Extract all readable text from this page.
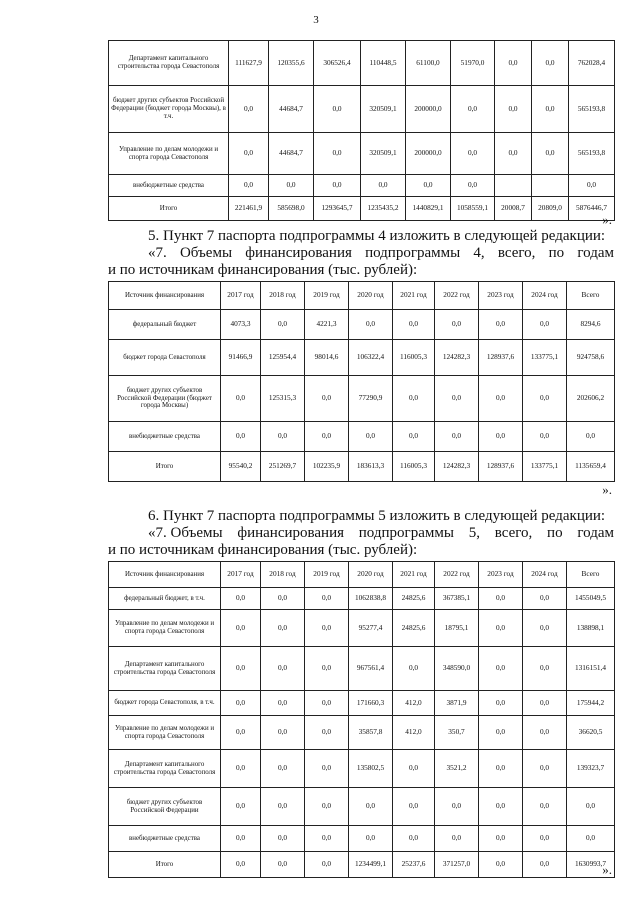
3
Департамент капитального строительства города Севастополя	111627,9	120355,6	306526,4	110448,5	61100,0	51970,0	0,0	0,0	762028,4
бюджет других субъектов Российской Федерации (бюджет города Москвы), в т.ч.	0,0	44684,7	0,0	320509,1	200000,0	0,0	0,0	0,0	565193,8
Управление по делам молодежи и спорта города Севастополя	0,0	44684,7	0,0	320509,1	200000,0	0,0	0,0	0,0	565193,8
внебюджетные средства	0,0	0,0	0,0	0,0	0,0	0,0			0,0
Итого	221461,9	585698,0	1293645,7	1235435,2	1440829,1	1058559,1	20008,7	20809,0	5876446,7
».
5. Пункт 7 паспорта подпрограммы 4 изложить в следующей редакции:
«7. Объемы финансирования подпрограммы 4, всего, по годам
и по источникам финансирования (тыс. рублей):
Источник финансирования	2017 год	2018 год	2019 год	2020 год	2021 год	2022 год	2023 год	2024 год	Всего
федеральный бюджет	4073,3	0,0	4221,3	0,0	0,0	0,0	0,0	0,0	8294,6
бюджет города Севастополя	91466,9	125954,4	98014,6	106322,4	116005,3	124282,3	128937,6	133775,1	924758,6
бюджет других субъектов Российской Федерации (бюджет города Москвы)	0,0	125315,3	0,0	77290,9	0,0	0,0	0,0	0,0	202606,2
внебюджетные средства	0,0	0,0	0,0	0,0	0,0	0,0	0,0	0,0	0,0
Итого	95540,2	251269,7	102235,9	183613,3	116005,3	124282,3	128937,6	133775,1	1135659,4
».
6. Пункт 7 паспорта подпрограммы 5 изложить в следующей редакции:
«7. Объемы финансирования подпрограммы 5, всего, по годам
и по источникам финансирования (тыс. рублей):
Источник финансирования	2017 год	2018 год	2019 год	2020 год	2021 год	2022 год	2023 год	2024 год	Всего
федеральный бюджет, в т.ч.	0,0	0,0	0,0	1062838,8	24825,6	367385,1	0,0	0,0	1455049,5
Управление по делам молодежи и спорта города Севастополя	0,0	0,0	0,0	95277,4	24825,6	18795,1	0,0	0,0	138898,1
Департамент капитального строительства города Севастополя	0,0	0,0	0,0	967561,4	0,0	348590,0	0,0	0,0	1316151,4
бюджет города Севастополя, в т.ч.	0,0	0,0	0,0	171660,3	412,0	3871,9	0,0	0,0	175944,2
Управление по делам молодежи и спорта города Севастополя	0,0	0,0	0,0	35857,8	412,0	350,7	0,0	0,0	36620,5
Департамент капитального строительства города Севастополя	0,0	0,0	0,0	135802,5	0,0	3521,2	0,0	0,0	139323,7
бюджет других субъектов Российской Федерации	0,0	0,0	0,0	0,0	0,0	0,0	0,0	0,0	0,0
внебюджетные средства	0,0	0,0	0,0	0,0	0,0	0,0	0,0	0,0	0,0
Итого	0,0	0,0	0,0	1234499,1	25237,6	371257,0	0,0	0,0	1630993,7
».
